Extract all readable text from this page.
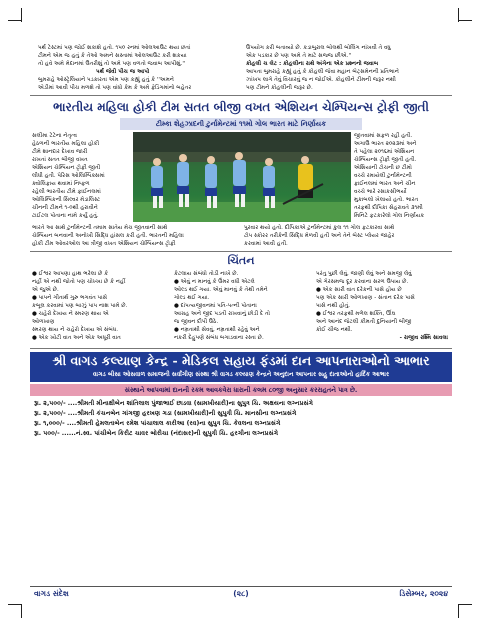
પર્થ ટેસ્ટમાં પણ જોઈ શકાશે હતો. ૧૫૦ રનમાં ઓલઆઉટ થયા છતાં
ટીમને એમ જ હતું કે તેઓ અમને સસ્તામાં ઓલઆઉટ કરી શકયા
તો હવે અમે મેદાનમાં ઉતરીશું તો અમે પણ વળતો જવાબ આપીશું.''
પર્થ જેવી પીચ જ આપો
બુમરાહે ઓસ્ટ્રેલિયાને પડકારતા એમ પણ કહ્યું હતું કે ''અમને
એડીમાં આવી પીચ મળશે તો પણ વાંધો કેમ કે અમે ફેડિંગમાંનો બહેતર
ઉપયોગ કરી બતાવ્યો છે. કડાબુરાલ બોલથી બોલિંગ નાંખવી તે વધુ
એક પડકાર છે પણ અમે તે માટે સજ્જ છીએ.''
કોહલી ચ લેટ : કોહલીના રાથે અંગેના એક પ્રશ્નનો જવાબ
આપતા બુમરાહે કહ્યું હતું કે કોહલી જેવા મહાન બેટ્સમેનની પ્રતિભાને
ઝાંખપ લાગે તેવું વિચારવું જ ન જોઈએ. કોહલીને ટીમની જરૂર નથી
પણ ટીમને કોહલીની જરૂર છે.
ભારતીય મહિલા હોકી ટીમ સતત બીજી વખત એશિયન ચેમ્પિયન્સ ટ્રોફી જીતી
ટીમ્કા શેહઝાદની ટુર્નામેન્ટમાં ૧૧મો ગોલ ભારત માટે નિર્ણાયક
સલીમા ટેટેના નેતૃત્વ
હેઠળની ભારતીય મહિલા હોકી
ટીમે શાનદાર દેખાવ જારી
રાખતાં સતત બીજી વખત
એશિયન ચેમ્પિયન ટ્રોફી જીતી
લીધી હતી. પેરિસ ઓલિમ્પિક્સમાં
ક્વોલિફાય થવામાં નિષ્ફળ
રહેલી ભારતીય ટીમે ફાઈનલમાં
ઓલિમ્પિકની સિલ્વર મેડાલિસ્ટ
ચીનની ટીમને ૧-૦થી હરાવીને
ટાઈટલ પોતાના નામે કર્યું હતું.
જીતવામાં સફળ રહી હતી.
અગાઉ ભારત ૨૦૨૩માં અને
તે પહેલા ૨૦૧૬માં એશિયન
ચેમ્પિયન્સ ટ્રોફી જીતી હતી.
એશિયાની ટોચની છ ટીમો
વચ્ચે રમાયેલી ટુર્નામેન્ટની
ફાઈનલમાં ભારત અને ચીન
વચ્ચે ભારે રસાકસીભર્યો
મુકાબલો ખેલાયો હતો. ભારત
તરફથી દીપિકા સેહરાવતે ૩૧મી
મિનિટે ફટકારેલો ગોલ નિર્ણાયક
ભારતે આ સાથે ટુર્નામેન્ટની તમામ સાતેય મેચ જીતવાની સાથે
ચેમ્પિયન બનવાની અનોખી સિદ્ધિ હાંસલ કરી હતી. ભારતની મહિલા
હોકી ટીમ ઓવરઓલ આ ત્રીજી વખત એશિયન ચેમ્પિયન્સ ટ્રોફી
પુરવાર થયો હતો. દીપિકાએ ટુર્નામેન્ટમાં કુલ ૧૧ ગોલ ફટકારવા સાથે
ટોપ સ્કોરર તરીકેની સિદ્ધિ મેળવી હતી અને તેને બેસ્ટ પ્લેયર જાહેર
કરવામાં આવી હતી.
ચિંતન
● ઈશ્વર આપણા હાથ ભરેલા છે કે
નહીં એ નથી જોતો પણ ચોખ્ખા છે કે નહીં
એ જુએ છે.
● પાપને ગીતાર્થ ગુરુ ભગવંત પાસે
કબૂલ કરવામાં પણ બાઝું પાપ નાશ પામે છે.
● ચહેરો દેખાય ને સ્મરણ થાય એ
ઓળખાણ
સ્મરણ થાય ને ચહેરો દેખાય એ સંબંધ.
● એક ખોટી વાત અને એક અધૂરી વાત
કેટલાય સંબંધો તોડી નાખે છે.
● એવું ન માનવું કે ઉંમર વધી એટલે
ઓલ્ડ થઈ ગયા. એવું માનવું કે તેથી તમેને
ગોલ્ડ થઈ ગયા.
● દાંપત્યજીવનમાં પતિ-પત્ની પોતાના
આગ્રહ અને જીદ પડતી રાખવાનું છોડી દે તો
જ જીવન દીપી ઉઠે.
● નમ્રતાથી સેવવું, નમ્રતાથી રહેવું અને
નકરી દેહુપણે સંબંધ બગાડવાના રસ્તા છે.
પરંતુ પુછી લેવું, જાણી લેવું અને સમજી લેવું
એ ગેરસમજ દૂર કરવાના સરળ ઉપાય છે.
● એક સારી વાત દરેકની પાસે હોય છે
પણ એક સારી ઓળખાણ - સંતાન દરેક પાસે
પાસે નથી હોતું.
● ઈશ્વર તરફથી મળેલ શક્તિ, ઊંઘ
અને આનંદ જેટલી કીમતી દુનિયાની બીજી
કોઈ ચીજ નથી.
- રાજીવ રશ્મિ સાવલા
શ્રી વાગડ કલ્યાણ કેન્દ્ર - મેડિકલ સહાય ફંડમાં દાન આપનારાઓનો આભાર
વાગડ બીસા ઓસવાળ સમાજની સર્વાંગીણ સંસ્થા શ્રી વાગડ કલ્યાણ કેન્દ્રને અનુદાન આપનાર સહુ દાતાઓનો હાર્દિક આભાર
સંસ્થાને આપવામાં દાનની રકમ આવકવેરા ધારાની કલમ ૮૦જી અનુસાર કરરાહતને પાત્ર છે.
રૂા. ૨,૫૦૦/- ....શ્રીમતી મીનાક્ષીબેન શાંતિલાલ પુંજાભાઈ છાડવા (સામખીયારી)ના સુપુત્ર ચિ. અક્ષયના લગ્નપ્રસંગે
રૂા. ૨,૫૦૦/- ....શ્રીમતી કંચનબેન ગાંગજી હરખણ ગડા (સામખીયારી)ની સુપુત્રી ચિ. માનસીના લગ્નપ્રસંગે
રૂા. ૧,૦૦૦/- ....શ્રીમતી હેમલતાબેન રમેશ પાંચાલાલ કારીઆ (રવ)ના સુપુત્ર ચિ. કેવલના લગ્નપ્રસંગે
રૂા. ૫૦૦/- ......નં.સ્વ. પાંચીબેન કિરીટ ચાવર બોરીચા (નંદાસર)ની સુપુત્રી ચિ. હરગીના લગ્નપ્રસંગે
વાગડ સંદેશ	(૨૮)	ડિસેમ્બર, ૨૦૨૪
